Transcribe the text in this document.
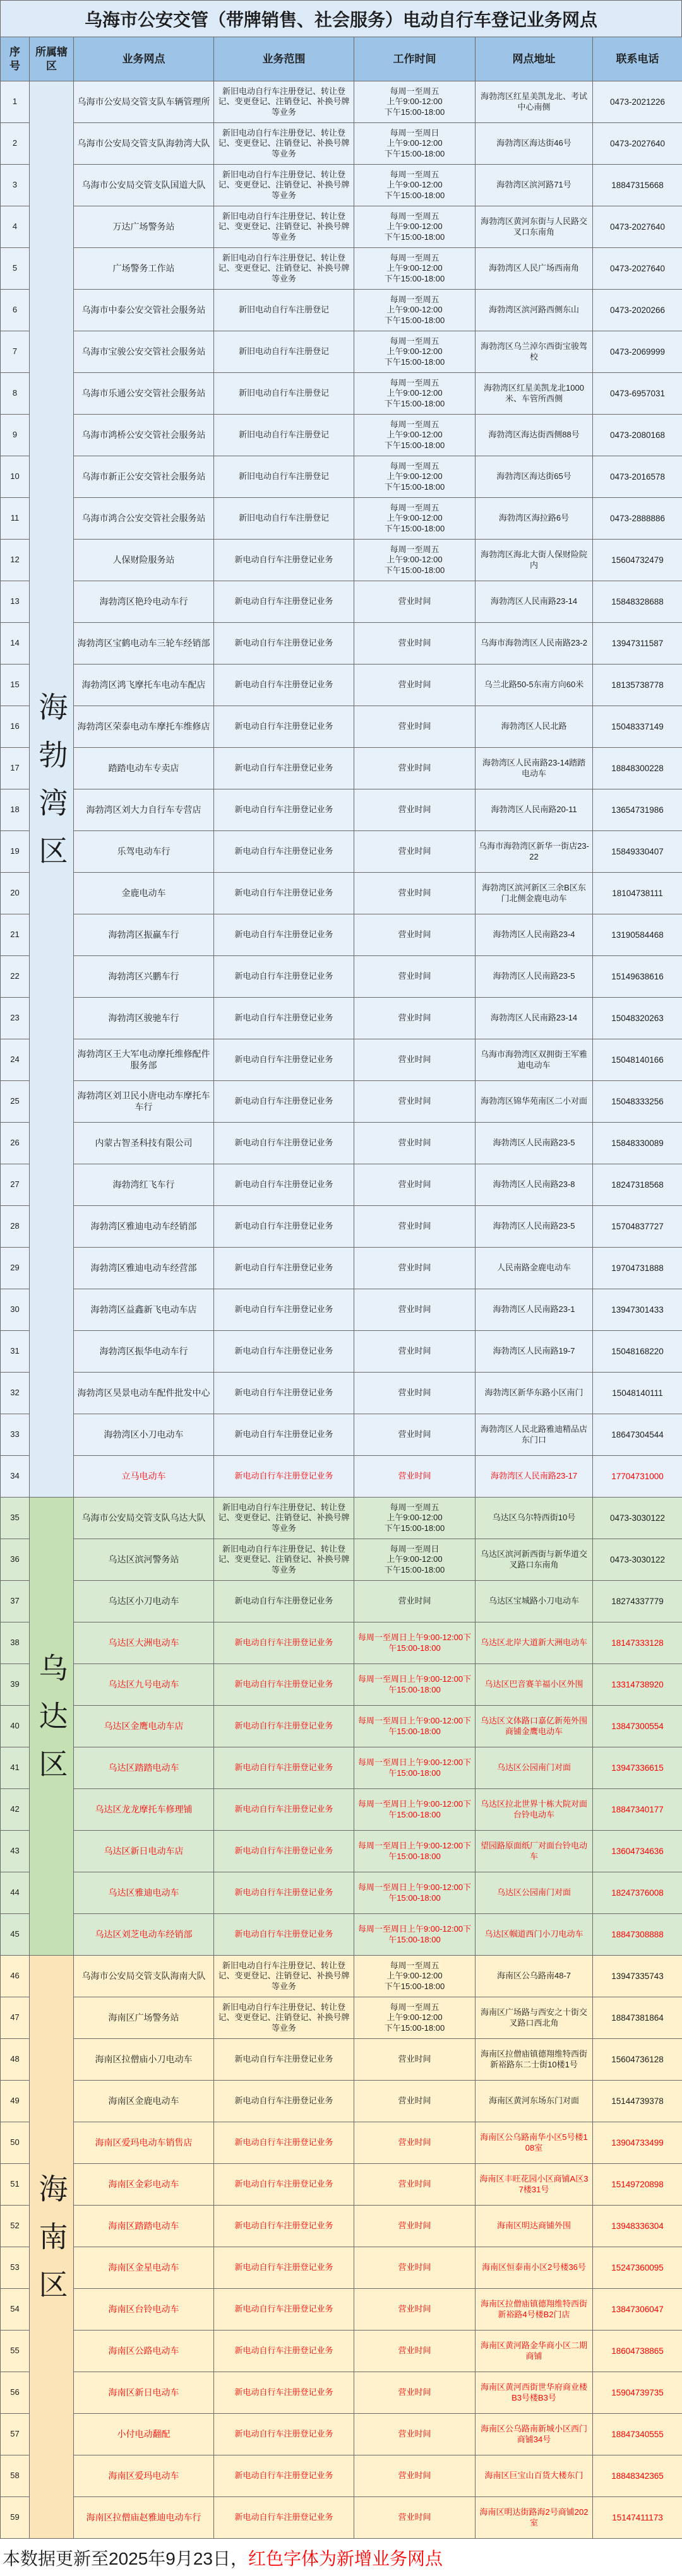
乌海市公安交管（带牌销售、社会服务）电动自行车登记业务网点
序号	所属辖区	业务网点	业务范围	工作时间	网点地址	联系电话
1	海勃湾区	乌海市公安局交管支队车辆管理所	新旧电动自行车注册登记、转让登记、变更登记、注销登记、补换号牌等业务	每周一至周五
上午9:00-12:00
下午15:00-18:00	海勃湾区红星美凯龙北、考试中心南侧	0473-2021226
2		乌海市公安局交管支队海勃湾大队	新旧电动自行车注册登记、转让登记、变更登记、注销登记、补换号牌等业务	每周一至周日
上午9:00-12:00
下午15:00-18:00	海勃湾区海达街46号	0473-2027640
3		乌海市公安局交管支队国道大队	新旧电动自行车注册登记、转让登记、变更登记、注销登记、补换号牌等业务	每周一至周五
上午9:00-12:00
下午15:00-18:00	海勃湾区滨河路71号	18847315668
4		万达广场警务站	新旧电动自行车注册登记、转让登记、变更登记、注销登记、补换号牌等业务	每周一至周五
上午9:00-12:00
下午15:00-18:00	海勃湾区黄河东街与人民路交叉口东南角	0473-2027640
5		广场警务工作站	新旧电动自行车注册登记、转让登记、变更登记、注销登记、补换号牌等业务	每周一至周五
上午9:00-12:00
下午15:00-18:00	海勃湾区人民广场西南角	0473-2027640
6		乌海市中泰公安交管社会服务站	新旧电动自行车注册登记	每周一至周五
上午9:00-12:00
下午15:00-18:00	海勃湾区滨河路西侧东山	0473-2020266
7		乌海市宝骏公安交管社会服务站	新旧电动自行车注册登记	每周一至周五
上午9:00-12:00
下午15:00-18:00	海勃湾区乌兰淖尔西街宝骏驾校	0473-2069999
8		乌海市乐通公安交管社会服务站	新旧电动自行车注册登记	每周一至周五
上午9:00-12:00
下午15:00-18:00	海勃湾区红星美凯龙北1000米、车管所西侧	0473-6957031
9		乌海市鸿桥公安交管社会服务站	新旧电动自行车注册登记	每周一至周五
上午9:00-12:00
下午15:00-18:00	海勃湾区海达街西侧88号	0473-2080168
10		乌海市新正公安交管社会服务站	新旧电动自行车注册登记	每周一至周五
上午9:00-12:00
下午15:00-18:00	海勃湾区海达街65号	0473-2016578
11		乌海市鸿合公安交管社会服务站	新旧电动自行车注册登记	每周一至周五
上午9:00-12:00
下午15:00-18:00	海勃湾区海拉路6号	0473-2888886
12		人保财险服务站	新电动自行车注册登记业务	每周一至周五
上午9:00-12:00
下午15:00-18:00	海勃湾区海北大街人保财险院内	15604732479
13		海勃湾区艳玲电动车行	新电动自行车注册登记业务	营业时间	海勃湾区人民南路23-14	15848328688
14		海勃湾区宝鹤电动车三轮车经销部	新电动自行车注册登记业务	营业时间	乌海市海勃湾区人民南路23-2	13947311587
15		海勃湾区鸿飞摩托车电动车配店	新电动自行车注册登记业务	营业时间	乌兰北路50-5东南方向60米	18135738778
16		海勃湾区荣泰电动车摩托车维修店	新电动自行车注册登记业务	营业时间	海勃湾区人民北路	15048337149
17		踏踏电动车专卖店	新电动自行车注册登记业务	营业时间	海勃湾区人民南路23-14踏踏电动车	18848300228
18		海勃湾区刘大力自行车专营店	新电动自行车注册登记业务	营业时间	海勃湾区人民南路20-11	13654731986
19		乐驾电动车行	新电动自行车注册登记业务	营业时间	乌海市海勃湾区新华一街店23-22	15849330407
20		金鹿电动车	新电动自行车注册登记业务	营业时间	海勃湾区滨河新区三余B区东门北侧金鹿电动车	18104738111
21		海勃湾区振赢车行	新电动自行车注册登记业务	营业时间	海勃湾区人民南路23-4	13190584468
22		海勃湾区兴鹏车行	新电动自行车注册登记业务	营业时间	海勃湾区人民南路23-5	15149638616
23		海勃湾区骏驰车行	新电动自行车注册登记业务	营业时间	海勃湾区人民南路23-14	15048320263
24		海勃湾区王大军电动摩托维修配件服务部	新电动自行车注册登记业务	营业时间	乌海市海勃湾区双拥街王军雅迪电动车	15048140166
25		海勃湾区刘卫民小唐电动车摩托车车行	新电动自行车注册登记业务	营业时间	海勃湾区锦华苑南区二小对面	15048333256
26		内蒙古智圣科技有限公司	新电动自行车注册登记业务	营业时间	海勃湾区人民南路23-5	15848330089
27		海勃湾红飞车行	新电动自行车注册登记业务	营业时间	海勃湾区人民南路23-8	18247318568
28		海勃湾区雅迪电动车经销部	新电动自行车注册登记业务	营业时间	海勃湾区人民南路23-5	15704837727
29		海勃湾区雅迪电动车经营部	新电动自行车注册登记业务	营业时间	人民南路金鹿电动车	19704731888
30		海勃湾区益鑫新飞电动车店	新电动自行车注册登记业务	营业时间	海勃湾区人民南路23-1	13947301433
31		海勃湾区振华电动车行	新电动自行车注册登记业务	营业时间	海勃湾区人民南路19-7	15048168220
32		海勃湾区昊景电动车配件批发中心	新电动自行车注册登记业务	营业时间	海勃湾区新华东路小区南门	15048140111
33		海勃湾区小刀电动车	新电动自行车注册登记业务	营业时间	海勃湾区人民北路雅迪精品店东门口	18647304544
34		立马电动车	新电动自行车注册登记业务	营业时间	海勃湾区人民南路23-17	17704731000
35	乌达区	乌海市公安局交管支队乌达大队	新旧电动自行车注册登记、转让登记、变更登记、注销登记、补换号牌等业务	每周一至周五
上午9:00-12:00
下午15:00-18:00	乌达区乌尔特西街10号	0473-3030122
36		乌达区滨河警务站	新旧电动自行车注册登记、转让登记、变更登记、注销登记、补换号牌等业务	每周一至周日
上午9:00-12:00
下午15:00-18:00	乌达区滨河新西街与新华道交叉路口东南角	0473-3030122
37		乌达区小刀电动车	新电动自行车注册登记业务	营业时间	乌达区宝城路小刀电动车	18274337779
38		乌达区大洲电动车	新电动自行车注册登记业务	每周一至周日上午9:00-12:00下午15:00-18:00	乌达区北岸大道新大洲电动车	18147333128
39		乌达区九号电动车	新电动自行车注册登记业务	每周一至周日上午9:00-12:00下午15:00-18:00	乌达区巴音赛羊福小区外围	13314738920
40		乌达区金鹰电动车店	新电动自行车注册登记业务	每周一至周日上午9:00-12:00下午15:00-18:00	乌达区文体路口嘉亿新苑外围商铺金鹰电动车	13847300554
41		乌达区踏踏电动车	新电动自行车注册登记业务	每周一至周日上午9:00-12:00下午15:00-18:00	乌达区公园南门对面	13947336615
42		乌达区龙龙摩托车修理铺	新电动自行车注册登记业务	每周一至周日上午9:00-12:00下午15:00-18:00	乌达区拉北世界十栋大院对面台铃电动车	18847340177
43		乌达区新日电动车店	新电动自行车注册登记业务	每周一至周日上午9:00-12:00下午15:00-18:00	望园路原面纸厂对面台铃电动车	13604734636
44		乌达区雅迪电动车	新电动自行车注册登记业务	每周一至周日上午9:00-12:00下午15:00-18:00	乌达区公园南门对面	18247376008
45		乌达区刘芝电动车经销部	新电动自行车注册登记业务	每周一至周日上午9:00-12:00下午15:00-18:00	乌达区帼道西门小刀电动车	18847308888
46	海南区	乌海市公安局交管支队海南大队	新旧电动自行车注册登记、转让登记、变更登记、注销登记、补换号牌等业务	每周一至周五
上午9:00-12:00
下午15:00-18:00	海南区公乌路南48-7	13947335743
47		海南区广场警务站	新旧电动自行车注册登记、转让登记、变更登记、注销登记、补换号牌等业务	每周一至周五
上午9:00-12:00
下午15:00-18:00	海南区广场路与西安之十街交叉路口西北角	18847381864
48		海南区拉僧庙小刀电动车	新电动自行车注册登记业务	营业时间	海南区拉僧庙镇德翔维特西街新裕路东二士街10楼1号	15604736128
49		海南区金鹿电动车	新电动自行车注册登记业务	营业时间	海南区黄河东场东门对面	15144739378
50		海南区爱玛电动车销售店	新电动自行车注册登记业务	营业时间	海南区公乌路南华小区5号楼108室	13904733499
51		海南区金彩电动车	新电动自行车注册登记业务	营业时间	海南区丰旺花园小区商铺A区37楼31号	15149720898
52		海南区踏踏电动车	新电动自行车注册登记业务	营业时间	海南区明达商铺外围	13948336304
53		海南区金星电动车	新电动自行车注册登记业务	营业时间	海南区恒泰南小区2号楼36号	15247360095
54		海南区台铃电动车	新电动自行车注册登记业务	营业时间	海南区拉僧庙镇德翔维特西街新裕路4号楼B2门店	13847306047
55		海南区公路电动车	新电动自行车注册登记业务	营业时间	海南区黄河路金华商小区二期商铺	18604738865
56		海南区新日电动车	新电动自行车注册登记业务	营业时间	海南区黄河西街世华府商业楼B3号楼B3号	15904739735
57		小付电动翻配	新电动自行车注册登记业务	营业时间	海南区公乌路南新城小区西门商铺34号	18847340555
58		海南区爱玛电动车	新电动自行车注册登记业务	营业时间	海南区巨宝山百货大楼东门	18848342365
59		海南区拉僧庙赵雅迪电动车行	新电动自行车注册登记业务	营业时间	海南区明达街路海2号商铺202室	15147411173
本数据更新至2025年9月23日， 红色字体为新增业务网点
